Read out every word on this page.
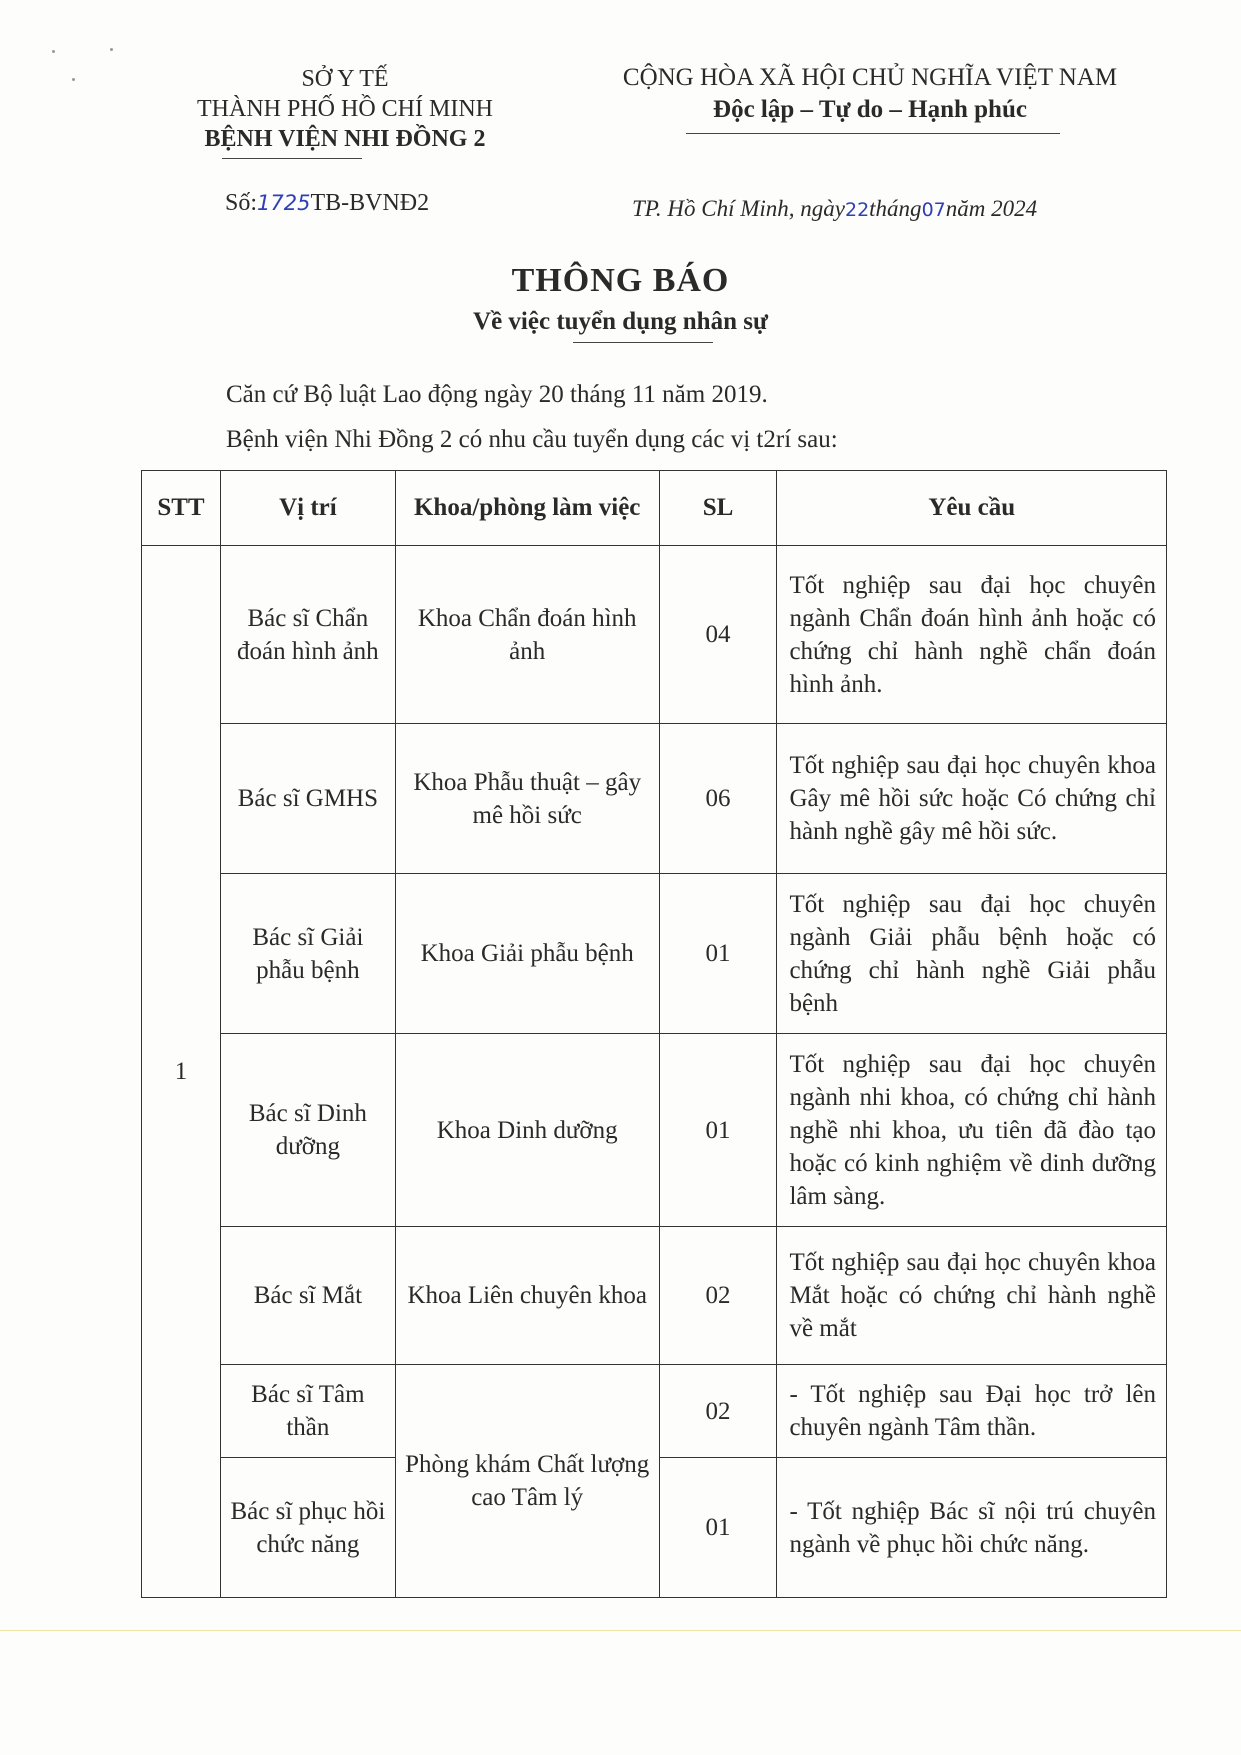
SỞ Y TẾ
THÀNH PHỐ HỒ CHÍ MINH
BỆNH VIỆN NHI ĐỒNG 2
CỘNG HÒA XÃ HỘI CHỦ NGHĨA VIỆT NAM
Độc lập – Tự do – Hạnh phúc
Số:1725TB-BVNĐ2	TP. Hồ Chí Minh, ngày22tháng07năm 2024
THÔNG BÁO
Về việc tuyển dụng nhân sự
Căn cứ Bộ luật Lao động ngày 20 tháng 11 năm 2019.
Bệnh viện Nhi Đồng 2 có nhu cầu tuyển dụng các vị t2rí sau:
STT	Vị trí	Khoa/phòng làm việc	SL	Yêu cầu
1	Bác sĩ Chẩn đoán hình ảnh	Khoa Chẩn đoán hình ảnh	04	Tốt nghiệp sau đại học chuyên ngành Chẩn đoán hình ảnh hoặc có chứng chỉ hành nghề chẩn đoán hình ảnh.
	Bác sĩ GMHS	Khoa Phẫu thuật – gây mê hồi sức	06	Tốt nghiệp sau đại học chuyên khoa Gây mê hồi sức hoặc Có chứng chỉ hành nghề gây mê hồi sức.
	Bác sĩ Giải phẫu bệnh	Khoa Giải phẫu bệnh	01	Tốt nghiệp sau đại học chuyên ngành Giải phẫu bệnh hoặc có chứng chỉ hành nghề Giải phẫu bệnh
	Bác sĩ Dinh dưỡng	Khoa Dinh dưỡng	01	Tốt nghiệp sau đại học chuyên ngành nhi khoa, có chứng chỉ hành nghề nhi khoa, ưu tiên đã đào tạo hoặc có kinh nghiệm về dinh dưỡng lâm sàng.
	Bác sĩ Mắt	Khoa Liên chuyên khoa	02	Tốt nghiệp sau đại học chuyên khoa Mắt hoặc có chứng chỉ hành nghề về mắt
	Bác sĩ Tâm thần	Phòng khám Chất lượng cao Tâm lý	02	- Tốt nghiệp sau Đại học trở lên chuyên ngành Tâm thần.
	Bác sĩ phục hồi chức năng		01	- Tốt nghiệp Bác sĩ nội trú chuyên ngành về phục hồi chức năng.
